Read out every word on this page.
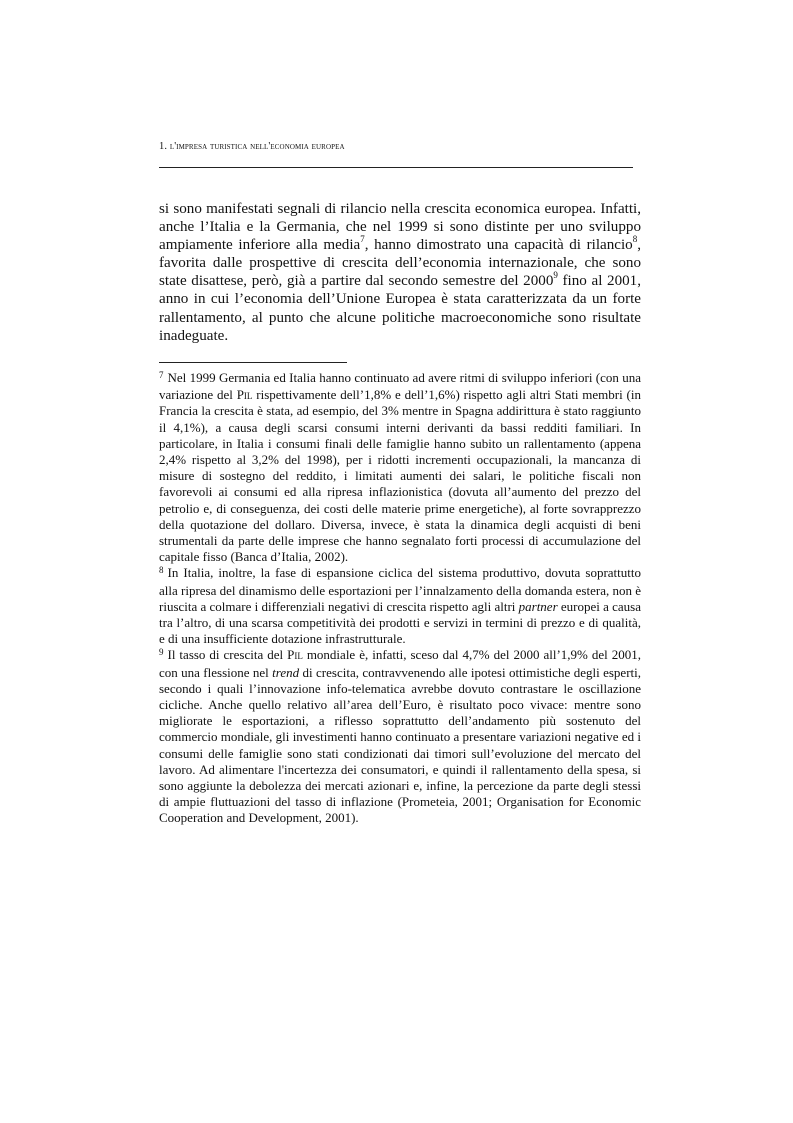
1. l'impresa turistica nell'economia europea

si sono manifestati segnali di rilancio nella crescita economica europea. Infatti, anche l’Italia e la Germania, che nel 1999 si sono distinte per uno sviluppo ampiamente inferiore alla media$^7$, hanno dimostrato una capacità di rilancio$^8$, favorita dalle prospettive di crescita dell’economia internazionale, che sono state disattese, però, già a partire dal secondo semestre del 2000$^9$ fino al 2001, anno in cui l’economia dell’Unione Europea è stata caratterizzata da un forte rallentamento, al punto che alcune politiche macroeconomiche sono risultate inadeguate.

$^7$ Nel 1999 Germania ed Italia hanno continuato ad avere ritmi di sviluppo inferiori (con una variazione del Pil rispettivamente dell’1,8% e dell’1,6%) rispetto agli altri Stati membri (in Francia la crescita è stata, ad esempio, del 3% mentre in Spagna addirittura è stato raggiunto il 4,1%), a causa degli scarsi consumi interni derivanti da bassi redditi familiari. In particolare, in Italia i consumi finali delle famiglie hanno subito un rallentamento (appena 2,4% rispetto al 3,2% del 1998), per i ridotti incrementi occupazionali, la mancanza di misure di sostegno del reddito, i limitati aumenti dei salari, le politiche fiscali non favorevoli ai consumi ed alla ripresa inflazionistica (dovuta all’aumento del prezzo del petrolio e, di conseguenza, dei costi delle materie prime energetiche), al forte sovrapprezzo della quotazione del dollaro. Diversa, invece, è stata la dinamica degli acquisti di beni strumentali da parte delle imprese che hanno segnalato forti processi di accumulazione del capitale fisso (Banca d’Italia, 2002).

$^8$ In Italia, inoltre, la fase di espansione ciclica del sistema produttivo, dovuta soprattutto alla ripresa del dinamismo delle esportazioni per l’innalzamento della domanda estera, non è riuscita a colmare i differenziali negativi di crescita rispetto agli altri partner europei a causa tra l’altro, di una scarsa competitività dei prodotti e servizi in termini di prezzo e di qualità, e di una insufficiente dotazione infrastrutturale.

$^9$ Il tasso di crescita del Pil mondiale è, infatti, sceso dal 4,7% del 2000 all’1,9% del 2001, con una flessione nel trend di crescita, contravvenendo alle ipotesi ottimistiche degli esperti, secondo i quali l’innovazione info-telematica avrebbe dovuto contrastare le oscillazione cicliche. Anche quello relativo all’area dell’Euro, è risultato poco vivace: mentre sono migliorate le esportazioni, a riflesso soprattutto dell’andamento più sostenuto del commercio mondiale, gli investimenti hanno continuato a presentare variazioni negative ed i consumi delle famiglie sono stati condizionati dai timori sull’evoluzione del mercato del lavoro. Ad alimentare l'incertezza dei consumatori, e quindi il rallentamento della spesa, si sono aggiunte la debolezza dei mercati azionari e, infine, la percezione da parte degli stessi di ampie fluttuazioni del tasso di inflazione (Prometeia, 2001; Organisation for Economic Cooperation and Development, 2001).
